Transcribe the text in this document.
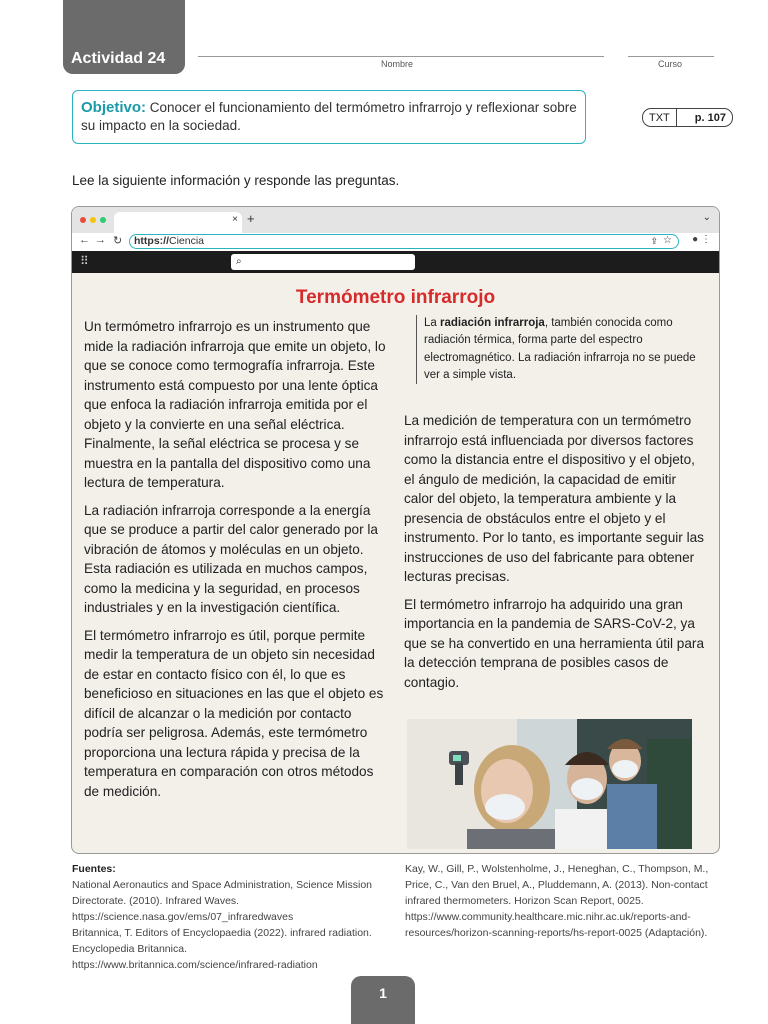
Actividad 24	Nombre	Curso
Objetivo: Conocer el funcionamiento del termómetro infrarrojo y reflexionar sobre su impacto en la sociedad.
TXT	p. 107
Lee la siguiente información y responde las preguntas.
× +	⌄
← → ↻	https://Ciencia	⇪ ☆ ● ⋮
⠿	⌕
Termómetro infrarrojo

Un termómetro infrarrojo es un instrumento que mide la radiación infrarroja que emite un objeto, lo que se conoce como termografía infrarroja. Este instrumento está compuesto por una lente óptica que enfoca la radiación infrarroja emitida por el objeto y la convierte en una señal eléctrica. Finalmente, la señal eléctrica se procesa y se muestra en la pantalla del dispositivo como una lectura de temperatura.

La radiación infrarroja corresponde a la energía que se produce a partir del calor generado por la vibración de átomos y moléculas en un objeto. Esta radiación es utilizada en muchos campos, como la medicina y la seguridad, en procesos industriales y en la investigación científica.

El termómetro infrarrojo es útil, porque permite medir la temperatura de un objeto sin necesidad de estar en contacto físico con él, lo que es beneficioso en situaciones en las que el objeto es difícil de alcanzar o la medición por contacto podría ser peligrosa. Además, este termómetro proporciona una lectura rápida y precisa de la temperatura en comparación con otros métodos de medición.

La radiación infrarroja, también conocida como radiación térmica, forma parte del espectro electromagnético. La radiación infrarroja no se puede ver a simple vista.

La medición de temperatura con un termómetro infrarrojo está influenciada por diversos factores como la distancia entre el dispositivo y el objeto, el ángulo de medición, la capacidad de emitir calor del objeto, la temperatura ambiente y la presencia de obstáculos entre el objeto y el instrumento. Por lo tanto, es importante seguir las instrucciones de uso del fabricante para obtener lecturas precisas.

El termómetro infrarrojo ha adquirido una gran importancia en la pandemia de SARS-CoV-2, ya que se ha convertido en una herramienta útil para la detección temprana de posibles casos de contagio.

Fuentes:
National Aeronautics and Space Administration, Science Mission Directorate. (2010). Infrared Waves. https://science.nasa.gov/ems/07_infraredwaves
Britannica, T. Editors of Encyclopaedia (2022). infrared radiation. Encyclopedia Britannica. https://www.britannica.com/science/infrared-radiation
Kay, W., Gill, P., Wolstenholme, J., Heneghan, C., Thompson, M., Price, C., Van den Bruel, A., Pluddemann, A. (2013). Non-contact infrared thermometers. Horizon Scan Report, 0025. https://www.community.healthcare.mic.nihr.ac.uk/reports-and-resources/horizon-scanning-reports/hs-report-0025 (Adaptación).
1
